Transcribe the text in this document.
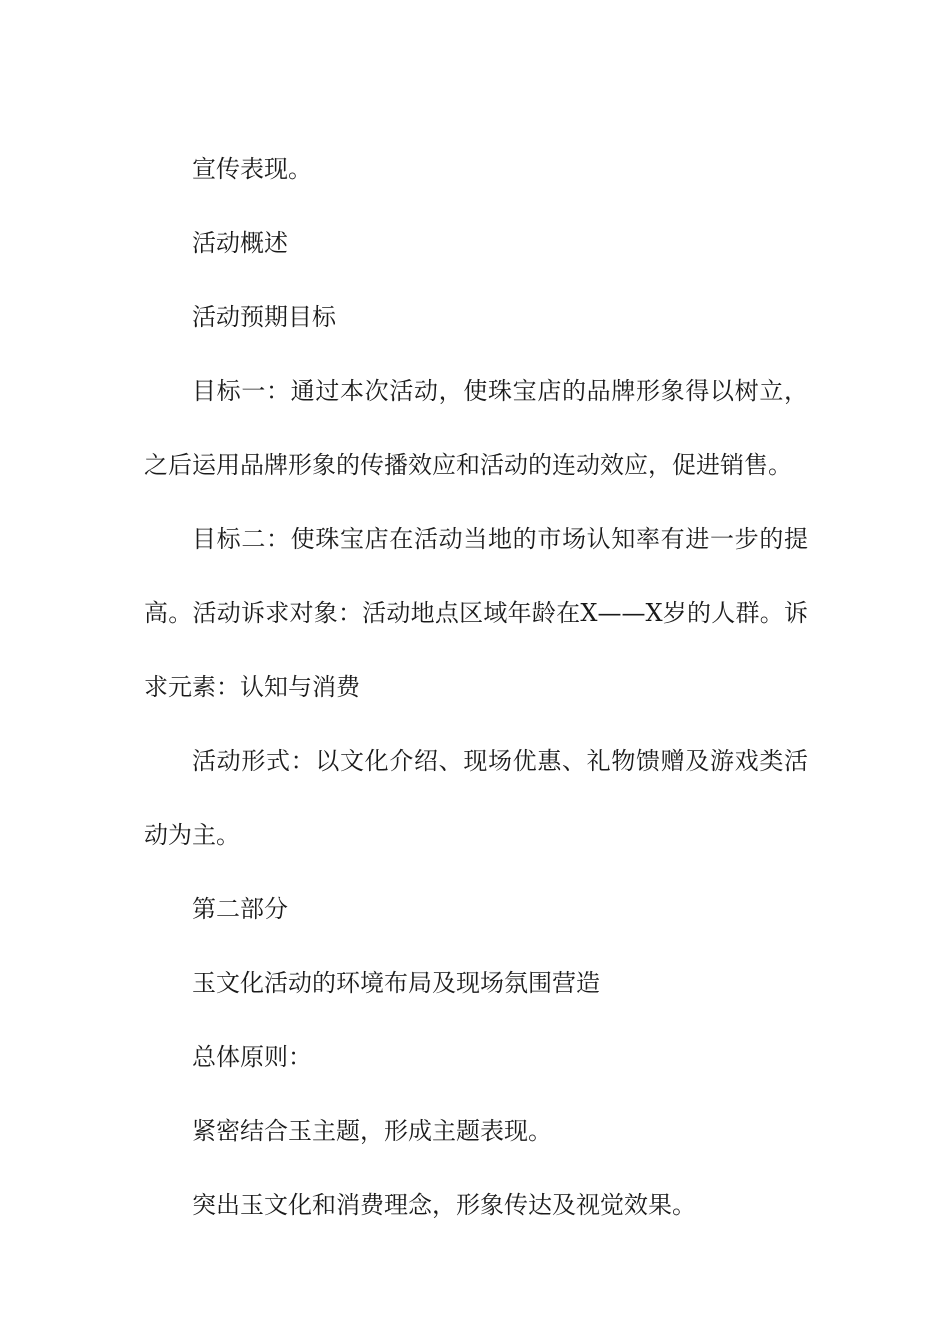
宣传表现。

活动概述

活动预期目标

目标一：通过本次活动，使珠宝店的品牌形象得以树立，之后运用品牌形象的传播效应和活动的连动效应，促进销售。

目标二：使珠宝店在活动当地的市场认知率有进一步的提高。活动诉求对象：活动地点区域年龄在X——X岁的人群。诉求元素：认知与消费

活动形式：以文化介绍、现场优惠、礼物馈赠及游戏类活动为主。

第二部分

玉文化活动的环境布局及现场氛围营造

总体原则：

紧密结合玉主题，形成主题表现。

突出玉文化和消费理念，形象传达及视觉效果。
